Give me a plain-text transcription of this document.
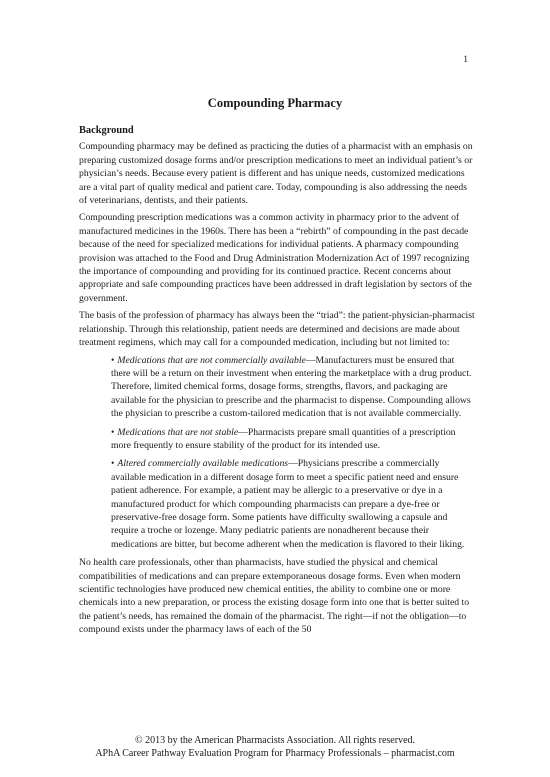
1
Compounding Pharmacy
Background

Compounding pharmacy may be defined as practicing the duties of a pharmacist with an emphasis on preparing customized dosage forms and/or prescription medications to meet an individual patient’s or physician’s needs. Because every patient is different and has unique needs, customized medications are a vital part of quality medical and patient care. Today, compounding is also addressing the needs of veterinarians, dentists, and their patients.

Compounding prescription medications was a common activity in pharmacy prior to the advent of manufactured medicines in the 1960s. There has been a “rebirth” of compounding in the past decade because of the need for specialized medications for individual patients. A pharmacy compounding provision was attached to the Food and Drug Administration Modernization Act of 1997 recognizing the importance of compounding and providing for its continued practice. Recent concerns about appropriate and safe compounding practices have been addressed in draft legislation by sectors of the government.

The basis of the profession of pharmacy has always been the “triad”: the patient-physician-pharmacist relationship. Through this relationship, patient needs are determined and decisions are made about treatment regimens, which may call for a compounded medication, including but not limited to:

• Medications that are not commercially available—Manufacturers must be ensured that there will be a return on their investment when entering the marketplace with a drug product. Therefore, limited chemical forms, dosage forms, strengths, flavors, and packaging are available for the physician to prescribe and the pharmacist to dispense. Compounding allows the physician to prescribe a custom-tailored medication that is not available commercially.
• Medications that are not stable—Pharmacists prepare small quantities of a prescription more frequently to ensure stability of the product for its intended use.
• Altered commercially available medications—Physicians prescribe a commercially available medication in a different dosage form to meet a specific patient need and ensure patient adherence. For example, a patient may be allergic to a preservative or dye in a manufactured product for which compounding pharmacists can prepare a dye-free or preservative-free dosage form. Some patients have difficulty swallowing a capsule and require a troche or lozenge. Many pediatric patients are nonadherent because their medications are bitter, but become adherent when the medication is flavored to their liking.

No health care professionals, other than pharmacists, have studied the physical and chemical compatibilities of medications and can prepare extemporaneous dosage forms. Even when modern scientific technologies have produced new chemical entities, the ability to combine one or more chemicals into a new preparation, or process the existing dosage form into one that is better suited to the patient’s needs, has remained the domain of the pharmacist. The right—if not the obligation—to compound exists under the pharmacy laws of each of the 50

© 2013 by the American Pharmacists Association. All rights reserved.
APhA Career Pathway Evaluation Program for Pharmacy Professionals – pharmacist.com
